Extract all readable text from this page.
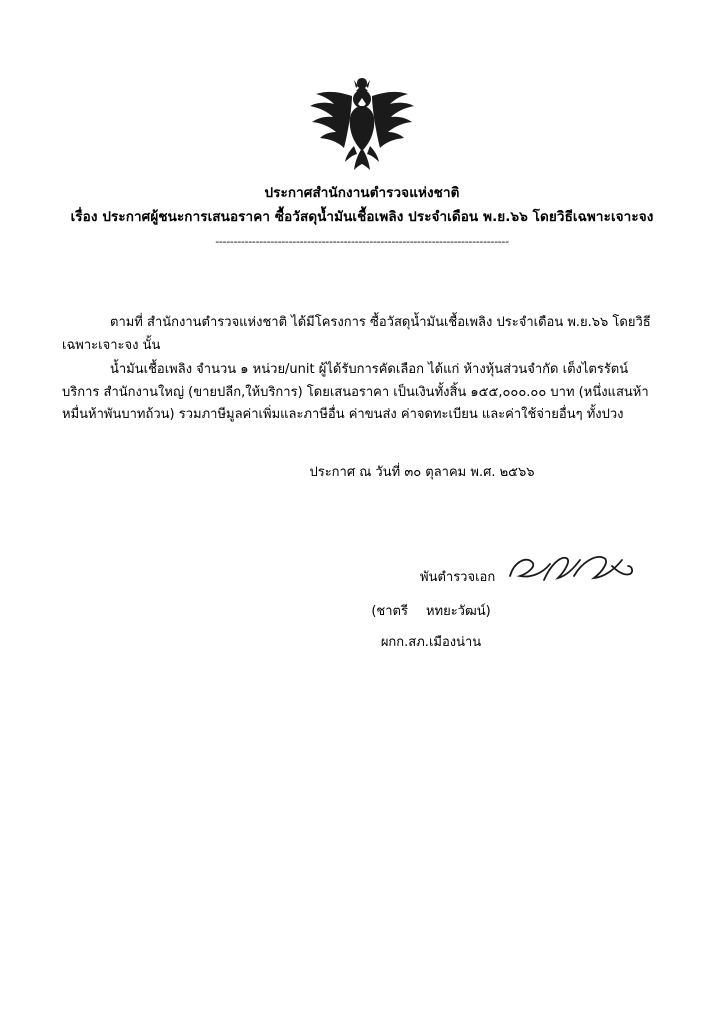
ประกาศสำนักงานตำรวจแห่งชาติ
เรื่อง ประกาศผู้ชนะการเสนอราคา ซื้อวัสดุน้ำมันเชื้อเพลิง ประจำเดือน พ.ย.๖๖ โดยวิธีเฉพาะเจาะจง
--------------------------------------------------------------------------------

ตามที่ สำนักงานตำรวจแห่งชาติ ได้มีโครงการ ซื้อวัสดุน้ำมันเชื้อเพลิง ประจำเดือน พ.ย.๖๖ โดยวิธีเฉพาะเจาะจง นั้น

น้ำมันเชื้อเพลิง จำนวน ๑ หน่วย/unit ผู้ได้รับการคัดเลือก ได้แก่ ห้างหุ้นส่วนจำกัด เต็งไตรรัตน์บริการ สำนักงานใหญ่ (ขายปลีก,ให้บริการ) โดยเสนอราคา เป็นเงินทั้งสิ้น ๑๕๕,๐๐๐.๐๐ บาท (หนึ่งแสนห้าหมื่นห้าพันบาทถ้วน) รวมภาษีมูลค่าเพิ่มและภาษีอื่น ค่าขนส่ง ค่าจดทะเบียน และค่าใช้จ่ายอื่นๆ ทั้งปวง

ประกาศ ณ วันที่ ๓๐ ตุลาคม พ.ศ. ๒๕๖๖
พันตำรวจเอก
(ชาตรี หทยะวัฒน์)
ผกก.สภ.เมืองน่าน
